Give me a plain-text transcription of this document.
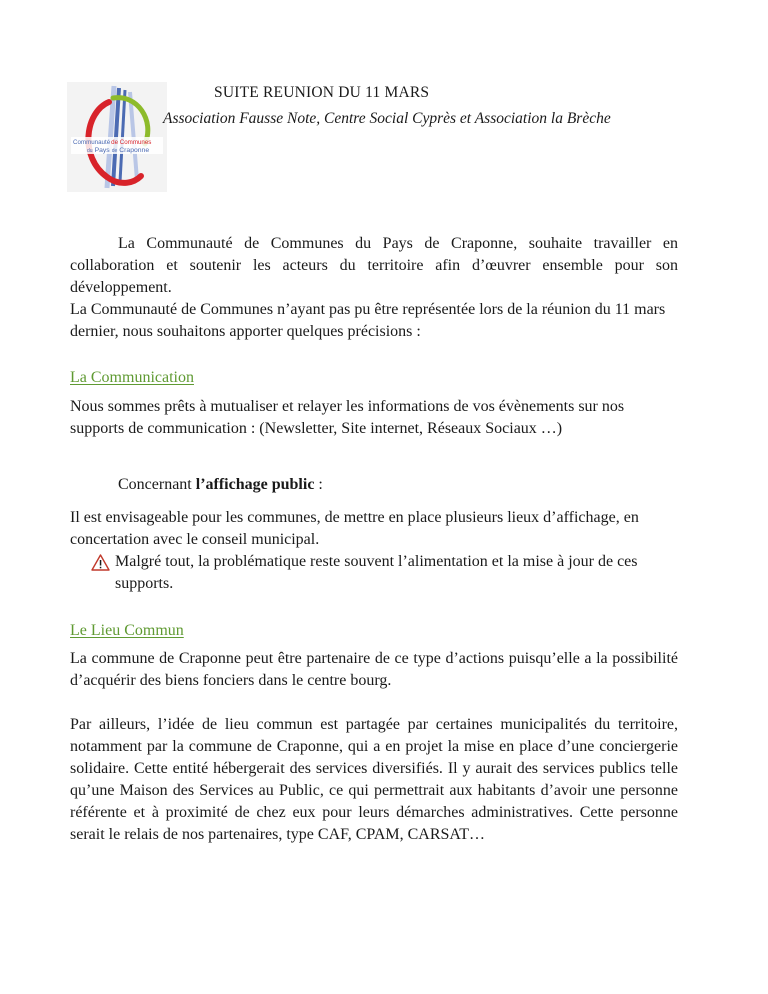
Communautéde Communes
du Pays de Craponne
SUITE REUNION DU 11 MARS
Association Fausse Note, Centre Social Cyprès et Association la Brèche
La Communauté de Communes du Pays de Craponne, souhaite travailler en collaboration et soutenir les acteurs du territoire afin d’œuvrer ensemble pour son développement.
La Communauté de Communes n’ayant pas pu être représentée lors de la réunion du 11 mars dernier, nous souhaitons apporter quelques précisions :
La Communication
Nous sommes prêts à mutualiser et relayer les informations de vos évènements sur nos supports de communication : (Newsletter, Site internet, Réseaux Sociaux …)
Concernant l’affichage public :
Il est envisageable pour les communes, de mettre en place plusieurs lieux d’affichage, en concertation avec le conseil municipal.
Malgré tout, la problématique reste souvent l’alimentation et la mise à jour de ces supports.
Le Lieu Commun
La commune de Craponne peut être partenaire de ce type d’actions puisqu’elle a la possibilité d’acquérir des biens fonciers dans le centre bourg.
Par ailleurs, l’idée de lieu commun est partagée par certaines municipalités du territoire, notamment par la commune de Craponne, qui a en projet la mise en place d’une conciergerie solidaire. Cette entité hébergerait des services diversifiés. Il y aurait des services publics telle qu’une Maison des Services au Public, ce qui permettrait aux habitants d’avoir une personne référente et à proximité de chez eux pour leurs démarches administratives. Cette personne serait le relais de nos partenaires, type CAF, CPAM, CARSAT…
